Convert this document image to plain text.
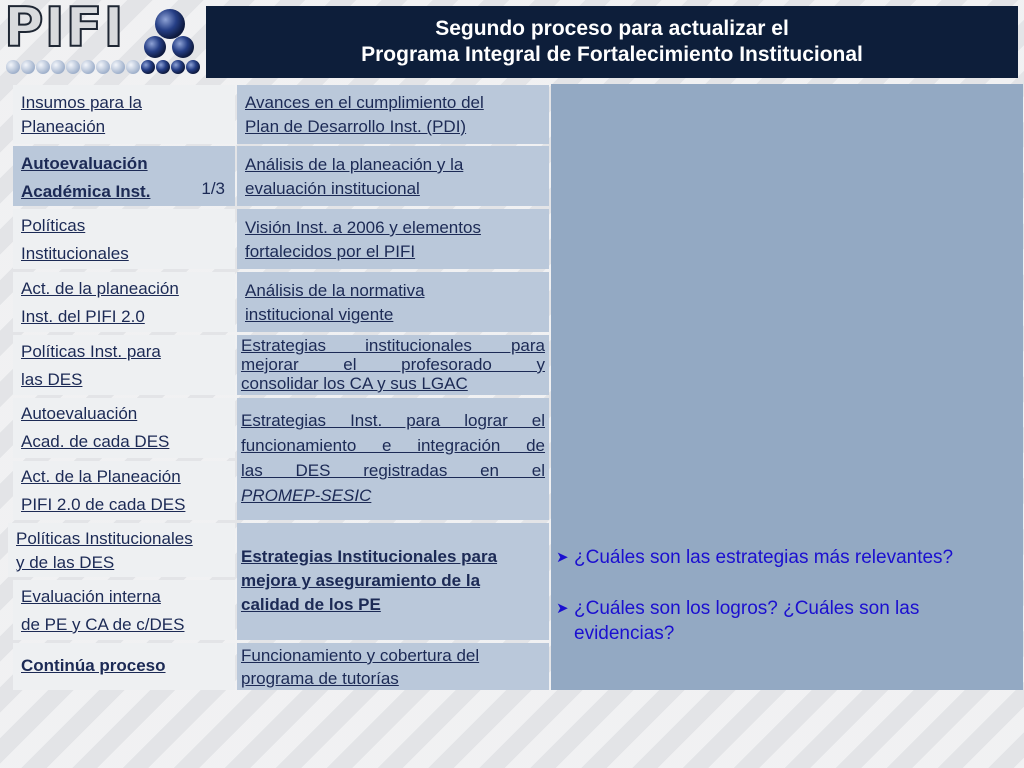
PIFI	Segundo proceso para actualizar el
Programa Integral de Fortalecimiento Institucional
Insumos para la
Planeación
Autoevaluación
Académica Inst.	1/3
Políticas
Institucionales
Act. de la planeación
Inst. del PIFI 2.0
Políticas Inst. para
las DES
Autoevaluación
Acad. de cada DES
Act. de la Planeación
PIFI 2.0 de cada DES
Políticas Institucionales
y de las DES
Evaluación interna
de PE y CA de c/DES
Continúa proceso
Avances en el cumplimiento del
Plan de Desarrollo Inst. (PDI)
Análisis de la planeación y la
evaluación institucional
Visión Inst. a 2006 y elementos
fortalecidos por el PIFI
Análisis de la normativa
institucional vigente
Estrategias institucionales para
mejorar el profesorado y
consolidar los CA y sus LGAC
Estrategias Inst. para lograr el
funcionamiento e integración de
las DES registradas en el
PROMEP-SESIC
Estrategias Institucionales para
mejora y aseguramiento de la
calidad de los PE
Funcionamiento y cobertura del
programa de tutorías
➤ ¿Cuáles son las estrategias más relevantes?
➤ ¿Cuáles son los logros? ¿Cuáles son las
evidencias?
